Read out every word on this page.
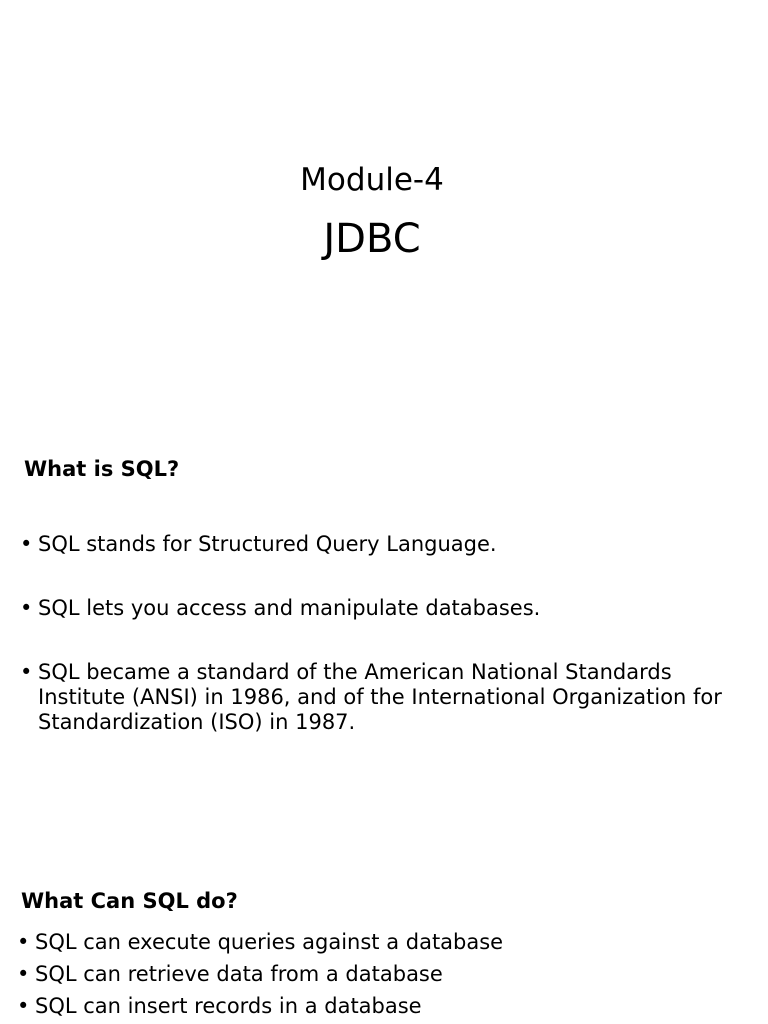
Module-4
JDBC
What is SQL?
• SQL stands for Structured Query Language.
• SQL lets you access and manipulate databases.
• SQL became a standard of the American National Standards Institute (ANSI) in 1986, and of the International Organization for Standardization (ISO) in 1987.
What Can SQL do?
• SQL can execute queries against a database
• SQL can retrieve data from a database
• SQL can insert records in a database
